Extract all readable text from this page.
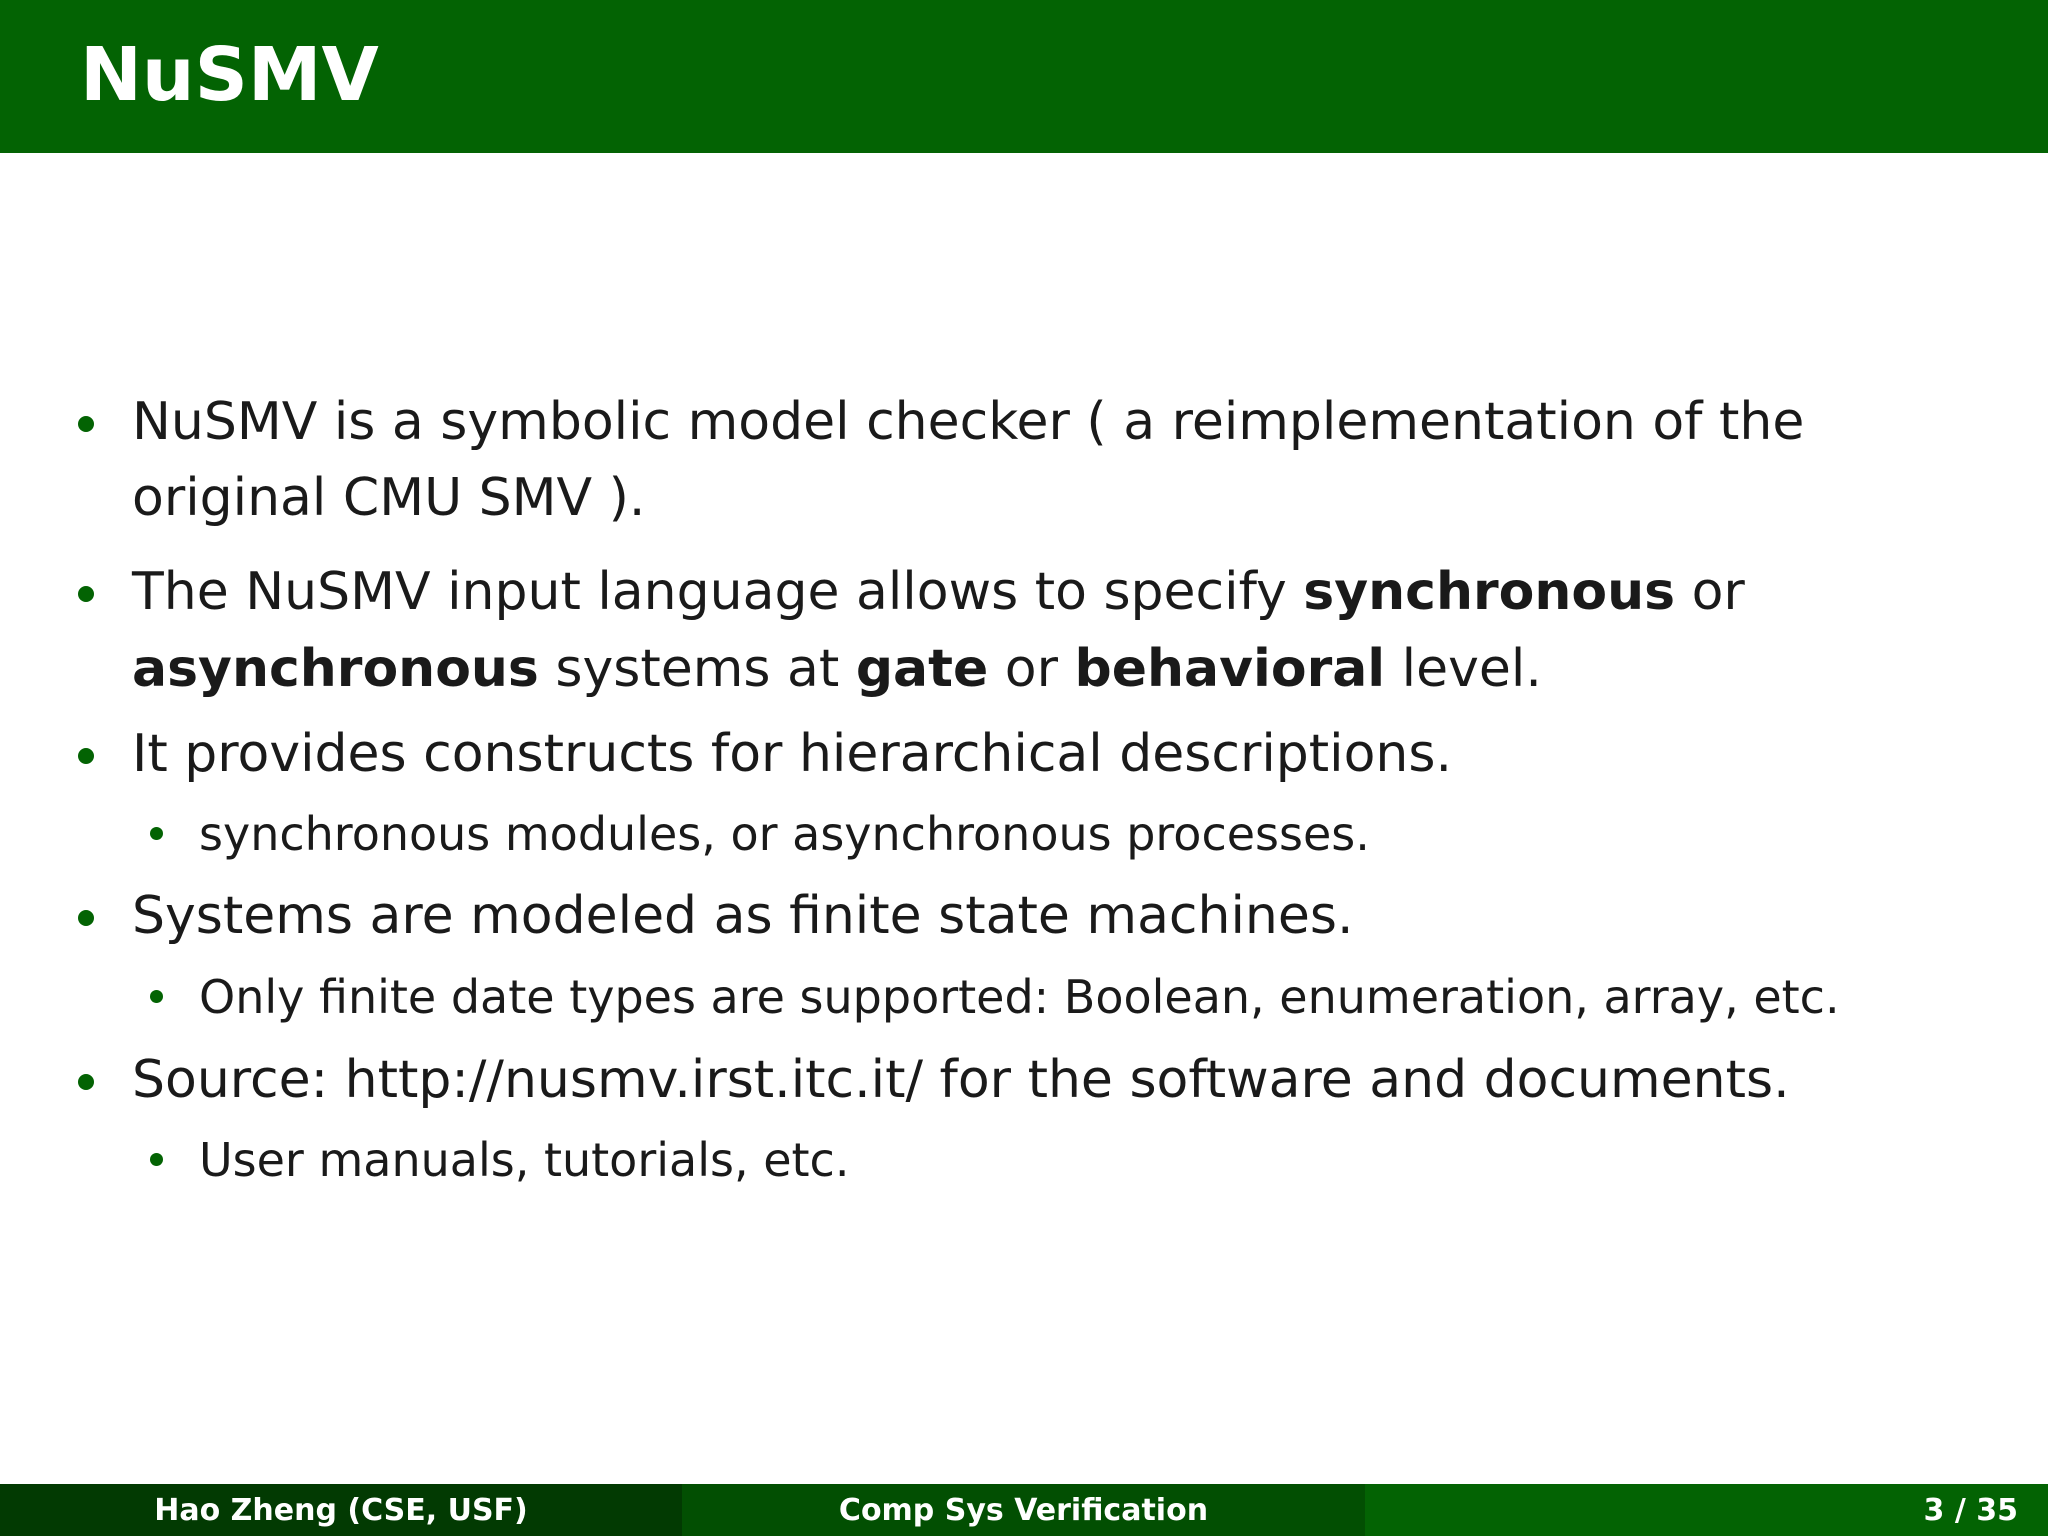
NuSMV
NuSMV is a symbolic model checker ( a reimplementation of the
original CMU SMV ).
The NuSMV input language allows to specify synchronous or
asynchronous systems at gate or behavioral level.
It provides constructs for hierarchical descriptions.
synchronous modules, or asynchronous processes.
Systems are modeled as finite state machines.
Only finite date types are supported: Boolean, enumeration, array, etc.
Source: http://nusmv.irst.itc.it/ for the software and documents.
User manuals, tutorials, etc.
Hao Zheng (CSE, USF)	Comp Sys Verification	3 / 35
